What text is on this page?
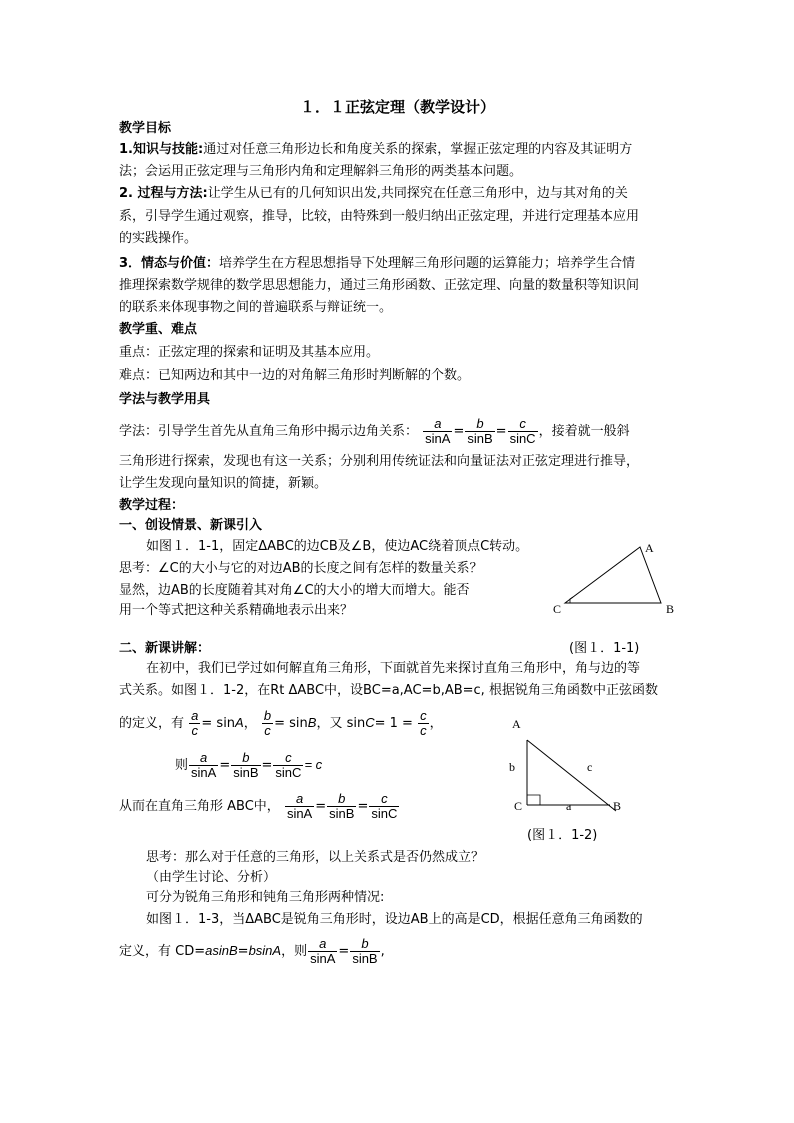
１．１正弦定理（教学设计）
教学目标
1.知识与技能:通过对任意三角形边长和角度关系的探索，掌握正弦定理的内容及其证明方
法；会运用正弦定理与三角形内角和定理解斜三角形的两类基本问题。
2. 过程与方法:让学生从已有的几何知识出发,共同探究在任意三角形中，边与其对角的关
系，引导学生通过观察，推导，比较，由特殊到一般归纳出正弦定理，并进行定理基本应用
的实践操作。
3．情态与价值：培养学生在方程思想指导下处理解三角形问题的运算能力；培养学生合情
推理探索数学规律的数学思思想能力，通过三角形函数、正弦定理、向量的数量积等知识间
的联系来体现事物之间的普遍联系与辩证统一。
教学重、难点
重点：正弦定理的探索和证明及其基本应用。
难点：已知两边和其中一边的对角解三角形时判断解的个数。
学法与教学用具
学法：引导学生首先从直角三角形中揭示边角关系： $\frac{a}{\sin A} = \frac{b}{\sin B} = \frac{c}{\sin C}$ ，接着就一般斜
三角形进行探索，发现也有这一关系；分别利用传统证法和向量证法对正弦定理进行推导，
让学生发现向量知识的简捷，新颖。
教学过程：
一、创设情景、新课引入
如图１．1-1，固定ΔABC的边CB及∠B，使边AC绕着顶点C转动。
思考：∠C的大小与它的对边AB的长度之间有怎样的数量关系？
显然，边AB的长度随着其对角∠C的大小的增大而增大。能否
用一个等式把这种关系精确地表示出来？
A
B
C
二、新课讲解：	(图１．1-1)
在初中，我们已学过如何解直角三角形，下面就首先来探讨直角三角形中，角与边的等
式关系。如图１．1-2，在Rt ΔABC中，设BC=a,AC=b,AB=c, 根据锐角三角函数中正弦函数
的定义，有 $\frac{a}{c} = \sin A$， $\frac{b}{c} = \sin B$，又 $\sin C= 1 = \frac{c}{c}$ ，
则 $\frac{a}{\sin A} = \frac{b}{\sin B} = \frac{c}{\sin C} = c$
从而在直角三角形 ABC中， $\frac{a}{\sin A} = \frac{b}{\sin B} = \frac{c}{\sin C}$
A
b	c
C	a	B
(图１．1-2)
思考：那么对于任意的三角形，以上关系式是否仍然成立？
（由学生讨论、分析）
可分为锐角三角形和钝角三角形两种情况:
如图１．1-3，当ΔABC是锐角三角形时，设边AB上的高是CD，根据任意角三角函数的
定义，有 CD=asinB=bsinA，则 $\frac{a}{\sin A} = \frac{b}{\sin B}$ ,
